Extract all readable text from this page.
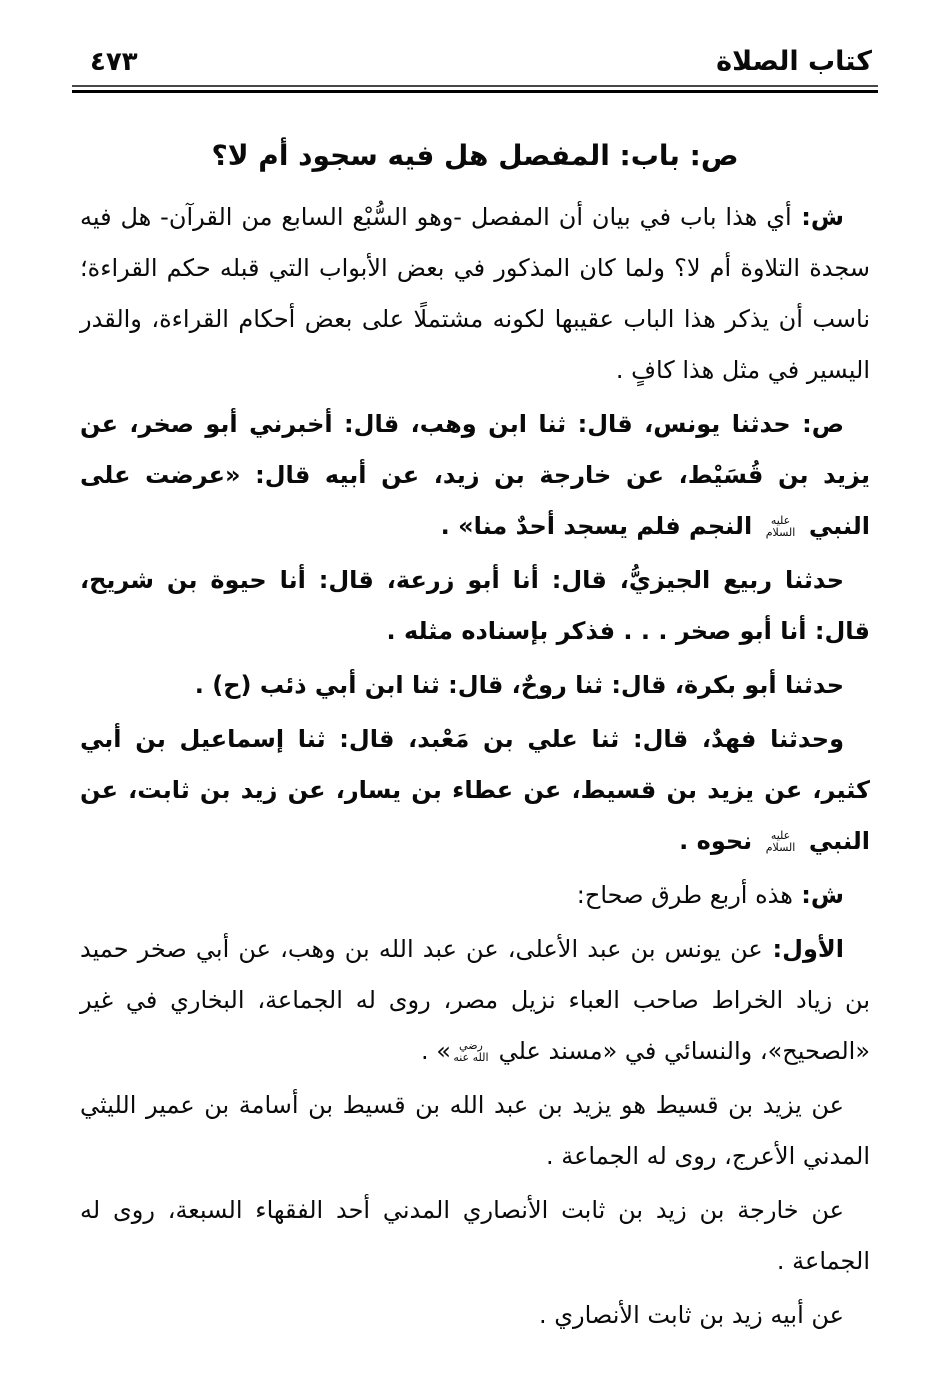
كتاب الصلاة
٤٧٣
ص: باب: المفصل هل فيه سجود أم لا؟

ش: أي هذا باب في بيان أن المفصل -وهو السُّبْع السابع من القرآن- هل فيه سجدة التلاوة أم لا؟ ولما كان المذكور في بعض الأبواب التي قبله حكم القراءة؛ ناسب أن يذكر هذا الباب عقيبها لكونه مشتملًا على بعض أحكام القراءة، والقدر اليسير في مثل هذا كافٍ .

ص: حدثنا يونس، قال: ثنا ابن وهب، قال: أخبرني أبو صخر، عن يزيد بن قُسَيْط، عن خارجة بن زيد، عن أبيه قال: «عرضت على النبي عليه السلام النجم فلم يسجد أحدٌ منا» .

حدثنا ربيع الجيزيُّ، قال: أنا أبو زرعة، قال: أنا حيوة بن شريح، قال: أنا أبو صخر . . . فذكر بإسناده مثله .

حدثنا أبو بكرة، قال: ثنا روحٌ، قال: ثنا ابن أبي ذئب (ح) .

وحدثنا فهدٌ، قال: ثنا علي بن مَعْبد، قال: ثنا إسماعيل بن أبي كثير، عن يزيد بن قسيط، عن عطاء بن يسار، عن زيد بن ثابت، عن النبي عليه السلام نحوه .

ش: هذه أربع طرق صحاح:

الأول: عن يونس بن عبد الأعلى، عن عبد الله بن وهب، عن أبي صخر حميد بن زياد الخراط صاحب العباء نزيل مصر، روى له الجماعة، البخاري في غير «الصحيح»، والنسائي في «مسند علي رضي الله عنه» .

عن يزيد بن قسيط هو يزيد بن عبد الله بن قسيط بن أسامة بن عمير الليثي المدني الأعرج، روى له الجماعة .

عن خارجة بن زيد بن ثابت الأنصاري المدني أحد الفقهاء السبعة، روى له الجماعة .

عن أبيه زيد بن ثابت الأنصاري .
